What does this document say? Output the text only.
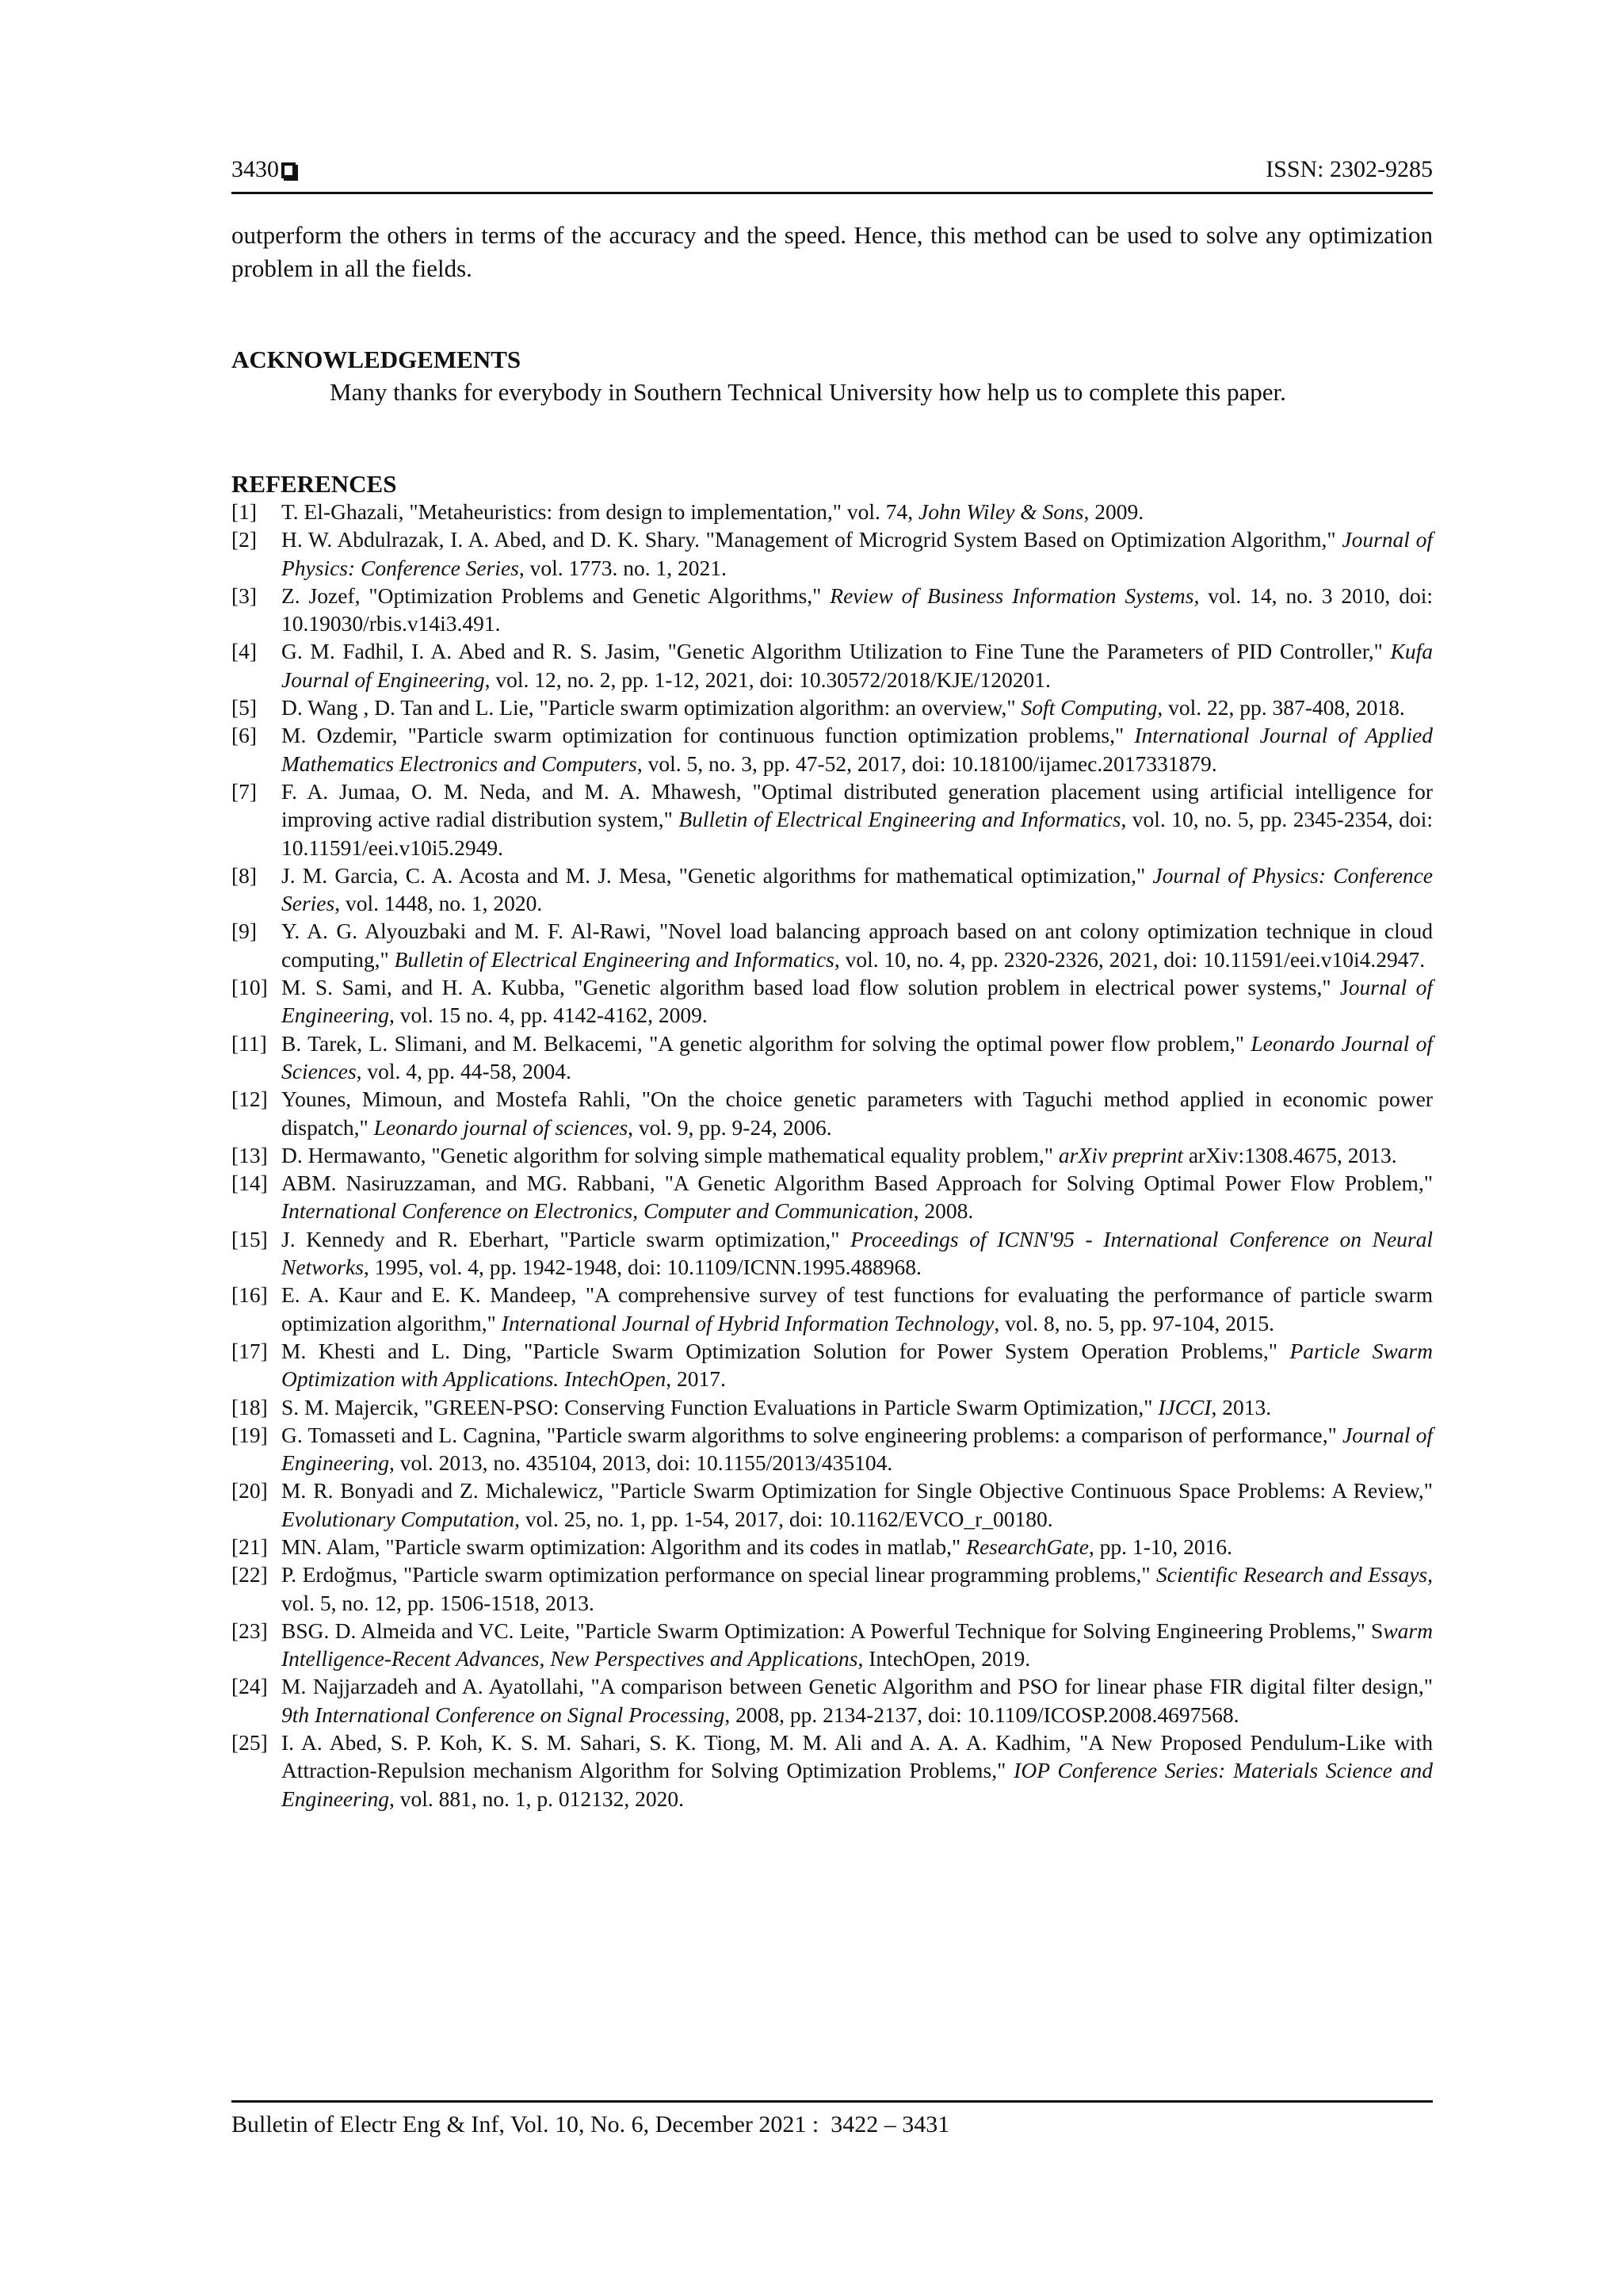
3430	ISSN: 2302-9285

outperform the others in terms of the accuracy and the speed. Hence, this method can be used to solve any optimization problem in all the fields.

ACKNOWLEDGEMENTS

Many thanks for everybody in Southern Technical University how help us to complete this paper.

REFERENCES
[1] T. El-Ghazali, "Metaheuristics: from design to implementation," vol. 74, John Wiley & Sons, 2009.
[2] H. W. Abdulrazak, I. A. Abed, and D. K. Shary. "Management of Microgrid System Based on Optimization Algorithm," Journal of Physics: Conference Series, vol. 1773. no. 1, 2021.
[3] Z. Jozef, "Optimization Problems and Genetic Algorithms," Review of Business Information Systems, vol. 14, no. 3 2010, doi: 10.19030/rbis.v14i3.491.
[4] G. M. Fadhil, I. A. Abed and R. S. Jasim, "Genetic Algorithm Utilization to Fine Tune the Parameters of PID Controller," Kufa Journal of Engineering, vol. 12, no. 2, pp. 1-12, 2021, doi: 10.30572/2018/KJE/120201.
[5] D. Wang , D. Tan and L. Lie, "Particle swarm optimization algorithm: an overview," Soft Computing, vol. 22, pp. 387-408, 2018.
[6] M. Ozdemir, "Particle swarm optimization for continuous function optimization problems," International Journal of Applied Mathematics Electronics and Computers, vol. 5, no. 3, pp. 47-52, 2017, doi: 10.18100/ijamec.2017331879.
[7] F. A. Jumaa, O. M. Neda, and M. A. Mhawesh, "Optimal distributed generation placement using artificial intelligence for improving active radial distribution system," Bulletin of Electrical Engineering and Informatics, vol. 10, no. 5, pp. 2345-2354, doi: 10.11591/eei.v10i5.2949.
[8] J. M. Garcia, C. A. Acosta and M. J. Mesa, "Genetic algorithms for mathematical optimization," Journal of Physics: Conference Series, vol. 1448, no. 1, 2020.
[9] Y. A. G. Alyouzbaki and M. F. Al-Rawi, "Novel load balancing approach based on ant colony optimization technique in cloud computing," Bulletin of Electrical Engineering and Informatics, vol. 10, no. 4, pp. 2320-2326, 2021, doi: 10.11591/eei.v10i4.2947.
[10] M. S. Sami, and H. A. Kubba, "Genetic algorithm based load flow solution problem in electrical power systems," Journal of Engineering, vol. 15 no. 4, pp. 4142-4162, 2009.
[11] B. Tarek, L. Slimani, and M. Belkacemi, "A genetic algorithm for solving the optimal power flow problem," Leonardo Journal of Sciences, vol. 4, pp. 44-58, 2004.
[12] Younes, Mimoun, and Mostefa Rahli, "On the choice genetic parameters with Taguchi method applied in economic power dispatch," Leonardo journal of sciences, vol. 9, pp. 9-24, 2006.
[13] D. Hermawanto, "Genetic algorithm for solving simple mathematical equality problem," arXiv preprint arXiv:1308.4675, 2013.
[14] ABM. Nasiruzzaman, and MG. Rabbani, "A Genetic Algorithm Based Approach for Solving Optimal Power Flow Problem," International Conference on Electronics, Computer and Communication, 2008.
[15] J. Kennedy and R. Eberhart, "Particle swarm optimization," Proceedings of ICNN'95 - International Conference on Neural Networks, 1995, vol. 4, pp. 1942-1948, doi: 10.1109/ICNN.1995.488968.
[16] E. A. Kaur and E. K. Mandeep, "A comprehensive survey of test functions for evaluating the performance of particle swarm optimization algorithm," International Journal of Hybrid Information Technology, vol. 8, no. 5, pp. 97-104, 2015.
[17] M. Khesti and L. Ding, "Particle Swarm Optimization Solution for Power System Operation Problems," Particle Swarm Optimization with Applications. IntechOpen, 2017.
[18] S. M. Majercik, "GREEN-PSO: Conserving Function Evaluations in Particle Swarm Optimization," IJCCI, 2013.
[19] G. Tomasseti and L. Cagnina, "Particle swarm algorithms to solve engineering problems: a comparison of performance," Journal of Engineering, vol. 2013, no. 435104, 2013, doi: 10.1155/2013/435104.
[20] M. R. Bonyadi and Z. Michalewicz, "Particle Swarm Optimization for Single Objective Continuous Space Problems: A Review," Evolutionary Computation, vol. 25, no. 1, pp. 1-54, 2017, doi: 10.1162/EVCO_r_00180.
[21] MN. Alam, "Particle swarm optimization: Algorithm and its codes in matlab," ResearchGate, pp. 1-10, 2016.
[22] P. Erdoğmus, "Particle swarm optimization performance on special linear programming problems," Scientific Research and Essays, vol. 5, no. 12, pp. 1506-1518, 2013.
[23] BSG. D. Almeida and VC. Leite, "Particle Swarm Optimization: A Powerful Technique for Solving Engineering Problems," Swarm Intelligence-Recent Advances, New Perspectives and Applications, IntechOpen, 2019.
[24] M. Najjarzadeh and A. Ayatollahi, "A comparison between Genetic Algorithm and PSO for linear phase FIR digital filter design," 9th International Conference on Signal Processing, 2008, pp. 2134-2137, doi: 10.1109/ICOSP.2008.4697568.
[25] I. A. Abed, S. P. Koh, K. S. M. Sahari, S. K. Tiong, M. M. Ali and A. A. A. Kadhim, "A New Proposed Pendulum-Like with Attraction-Repulsion mechanism Algorithm for Solving Optimization Problems," IOP Conference Series: Materials Science and Engineering, vol. 881, no. 1, p. 012132, 2020.
Bulletin of Electr Eng & Inf, Vol. 10, No. 6, December 2021 :  3422 – 3431
